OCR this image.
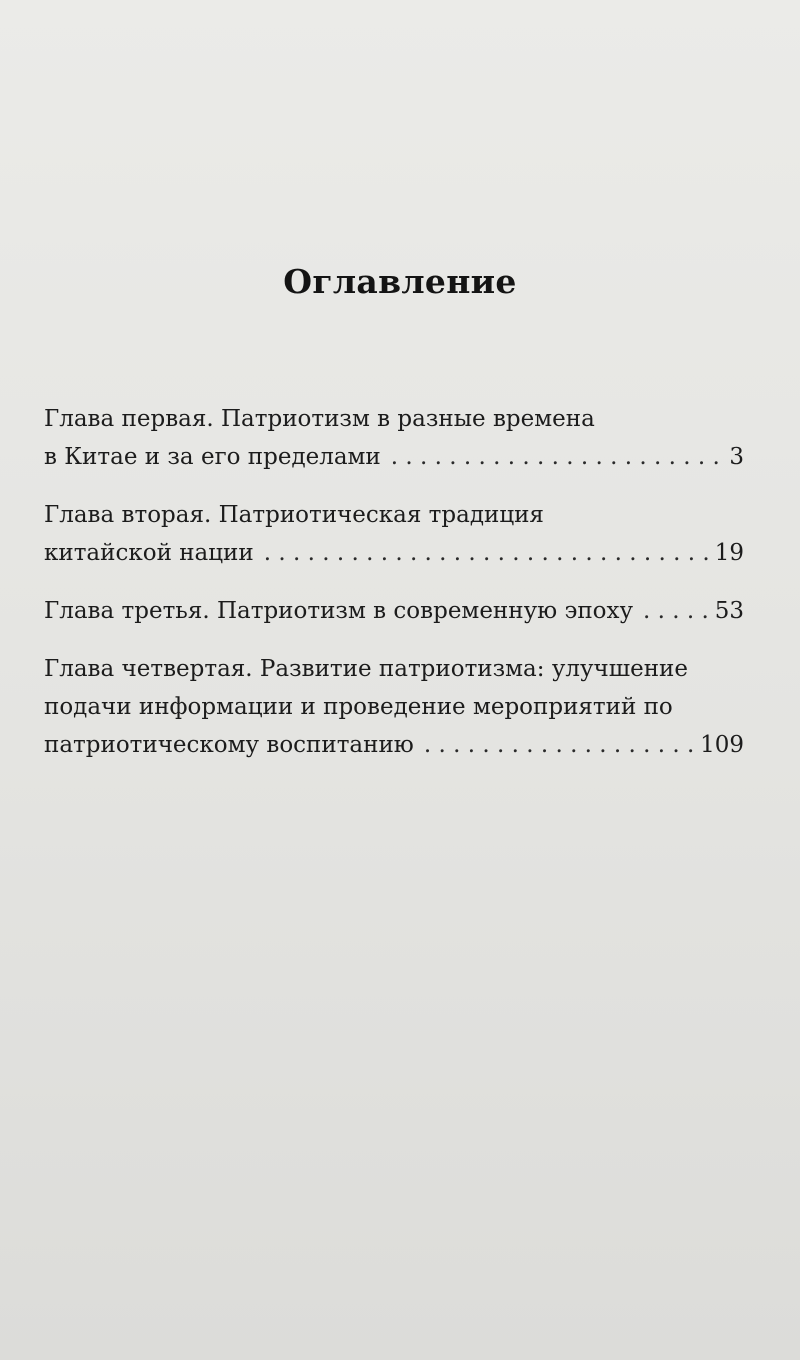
Оглавление
Глава первая. Патриотизм в разные времена
в Китае и за его пределами . . .	3
Глава вторая. Патриотическая традиция
китайской нации . . .	19
Глава третья. Патриотизм в современную эпоху . . .	53
Глава четвертая. Развитие патриотизма: улучшение
подачи информации и проведение мероприятий по
патриотическому воспитанию . . .	109
